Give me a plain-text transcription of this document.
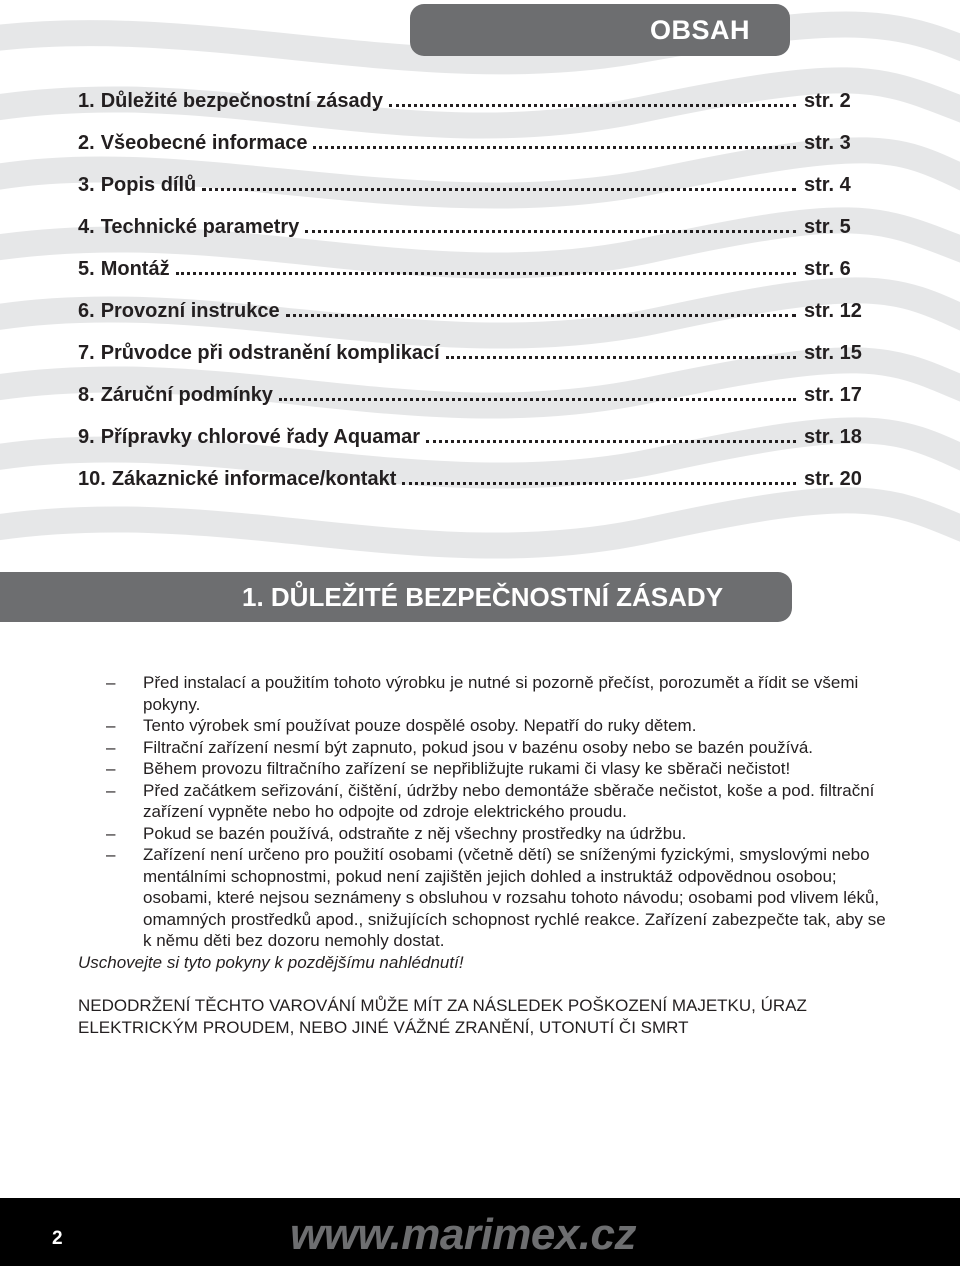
OBSAH
1. Důležité bezpečnostní zásady	str. 2
2. Všeobecné informace	str. 3
3. Popis dílů	str. 4
4. Technické parametry	str. 5
5. Montáž	str. 6
6. Provozní instrukce	str. 12
7. Průvodce při odstranění komplikací	str. 15
8. Záruční podmínky	str. 17
9. Přípravky chlorové řady Aquamar	str. 18
10. Zákaznické informace/kontakt	str. 20
1. DŮLEŽITÉ BEZPEČNOSTNÍ ZÁSADY
–	Před instalací a použitím tohoto výrobku je nutné si pozorně přečíst, porozumět a řídit se všemi pokyny.
–	Tento výrobek smí používat pouze dospělé osoby. Nepatří do ruky dětem.
–	Filtrační zařízení nesmí být zapnuto, pokud jsou v bazénu osoby nebo se bazén používá.
–	Během provozu filtračního zařízení se nepřibližujte rukami či vlasy ke sběrači nečistot!
–	Před začátkem seřizování, čištění, údržby nebo demontáže sběrače nečistot, koše a pod. filtrační zařízení vypněte nebo ho odpojte od zdroje elektrického proudu.
–	Pokud se bazén používá, odstraňte z něj všechny prostředky na údržbu.
–	Zařízení není určeno pro použití osobami (včetně dětí) se sníženými fyzickými, smyslovými nebo mentálními schopnostmi, pokud není zajištěn jejich dohled a instruktáž odpovědnou osobou; osobami, které nejsou seznámeny s obsluhou v rozsahu tohoto návodu; osobami pod vlivem léků, omamných prostředků apod., snižujících schopnost rychlé reakce. Zařízení zabezpečte tak, aby se k němu děti bez dozoru nemohly dostat.
Uschovejte si tyto pokyny k pozdějšímu nahlédnutí!
NEDODRŽENÍ TĚCHTO VAROVÁNÍ MŮŽE MÍT ZA NÁSLEDEK POŠKOZENÍ MAJETKU, ÚRAZ ELEKTRICKÝM PROUDEM, NEBO JINÉ VÁŽNÉ ZRANĚNÍ, UTONUTÍ ČI SMRT
2	www.marimex.cz
